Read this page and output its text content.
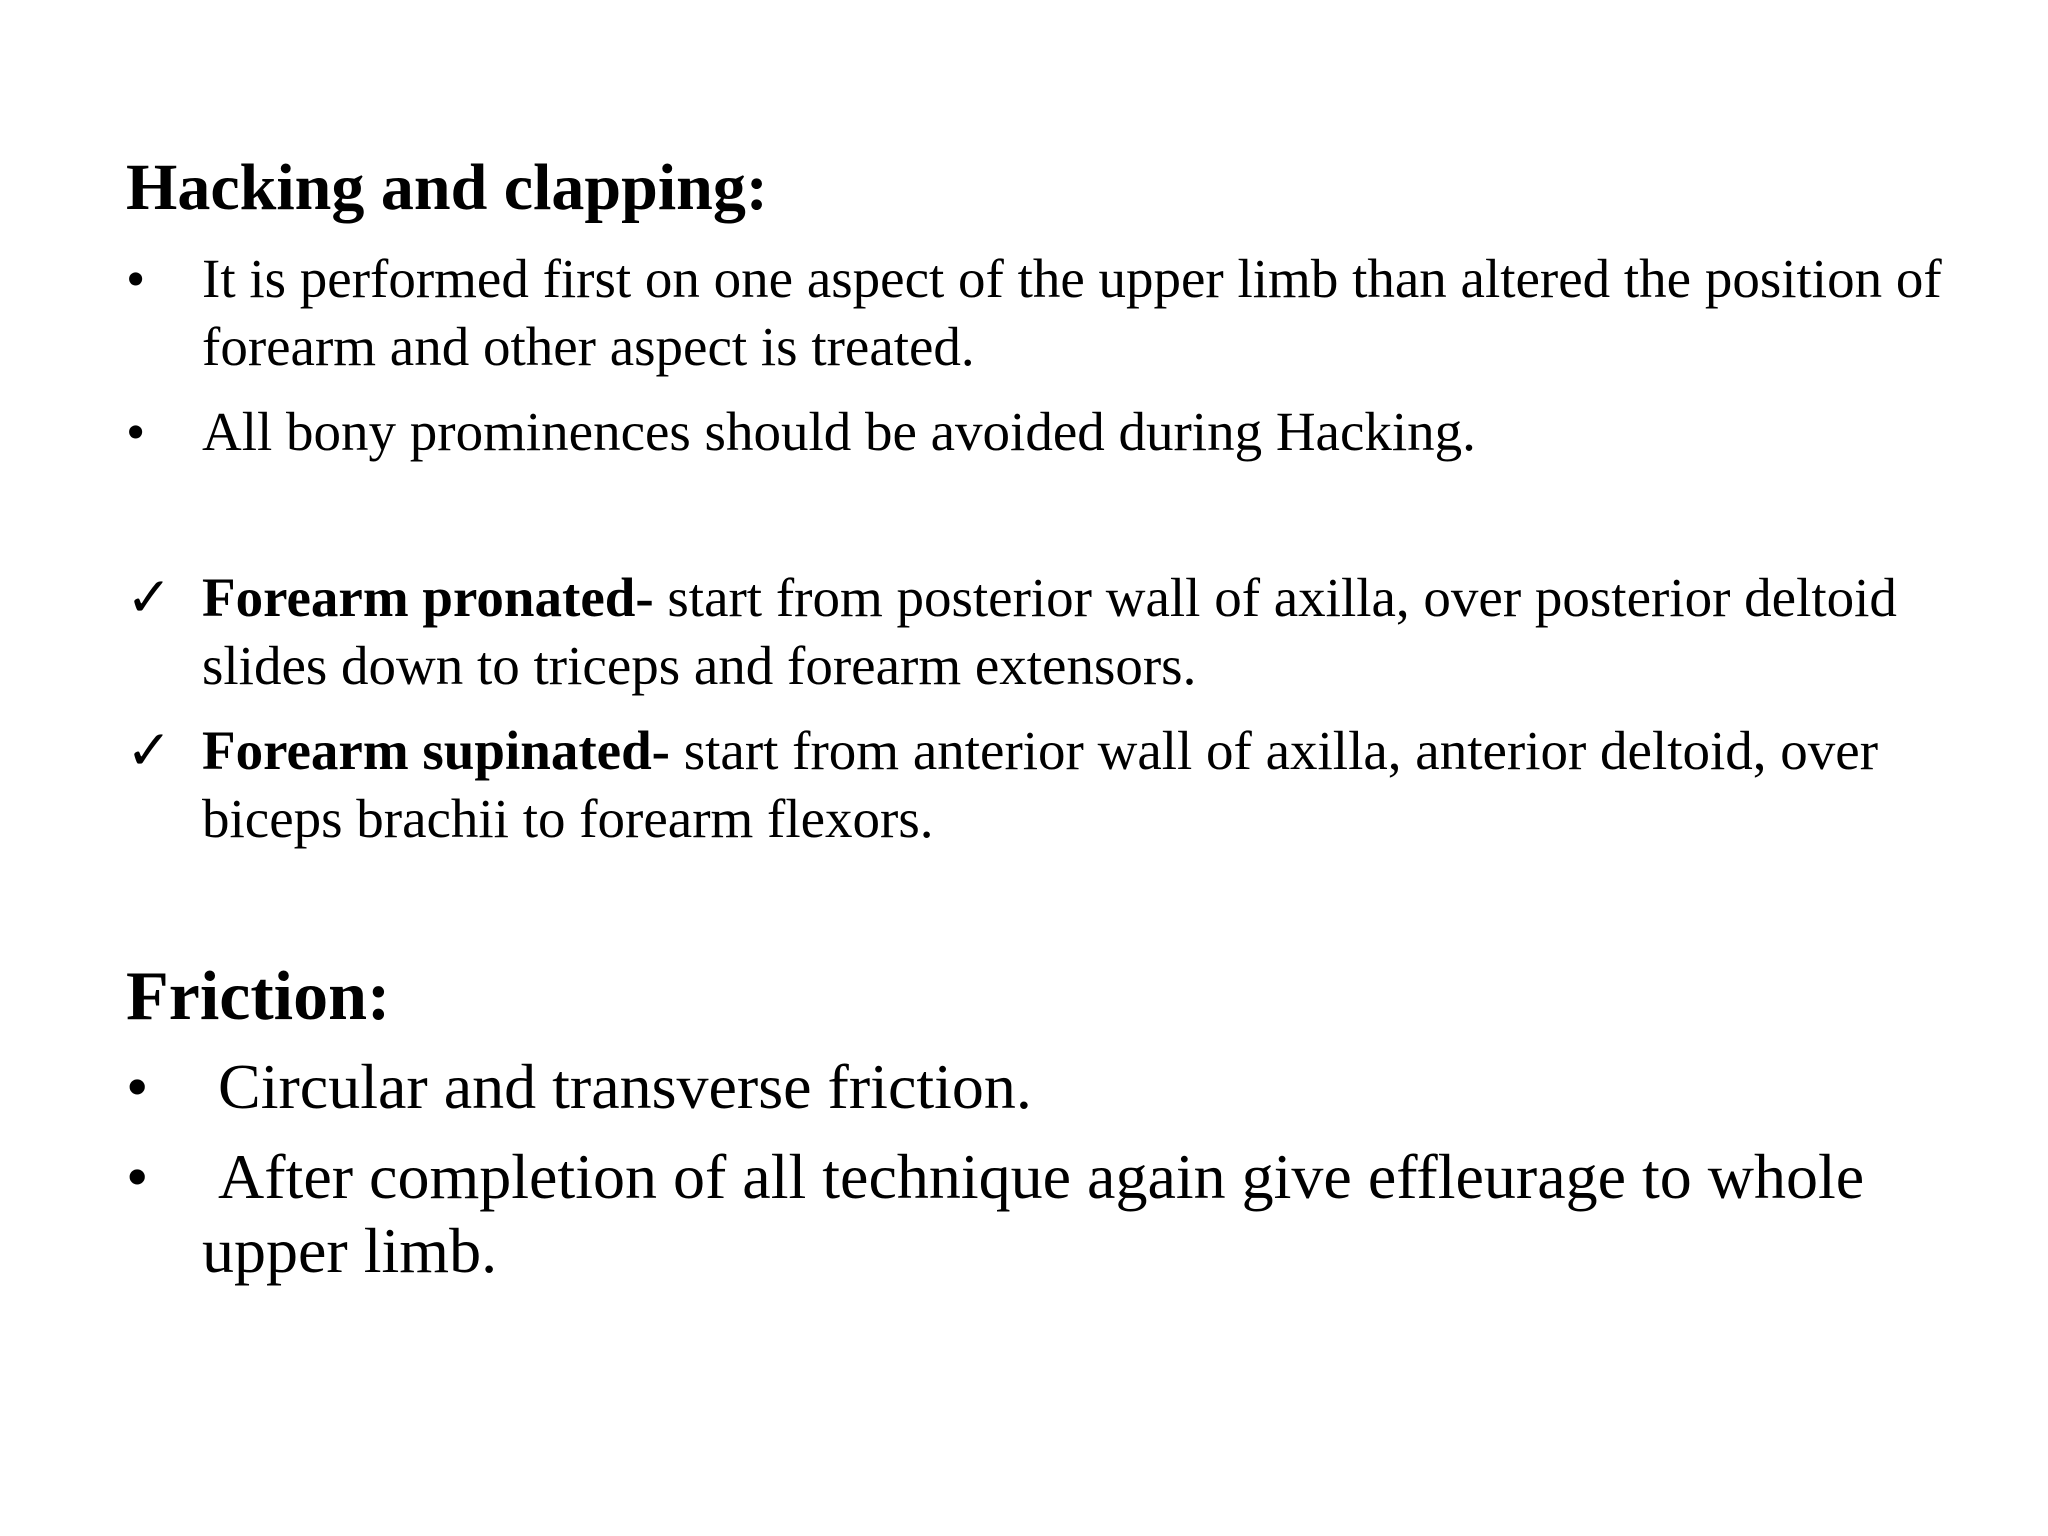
Hacking and clapping:
• It is performed first on one aspect of the upper limb than altered the position of forearm and other aspect is treated.
• All bony prominences should be avoided during Hacking.
✓ Forearm pronated- start from posterior wall of axilla, over posterior deltoid slides down to triceps and forearm extensors.
✓ Forearm supinated- start from anterior wall of axilla, anterior deltoid, over biceps brachii to forearm flexors.
Friction:
• Circular and transverse friction.
• After completion of all technique again give effleurage to whole upper limb.
